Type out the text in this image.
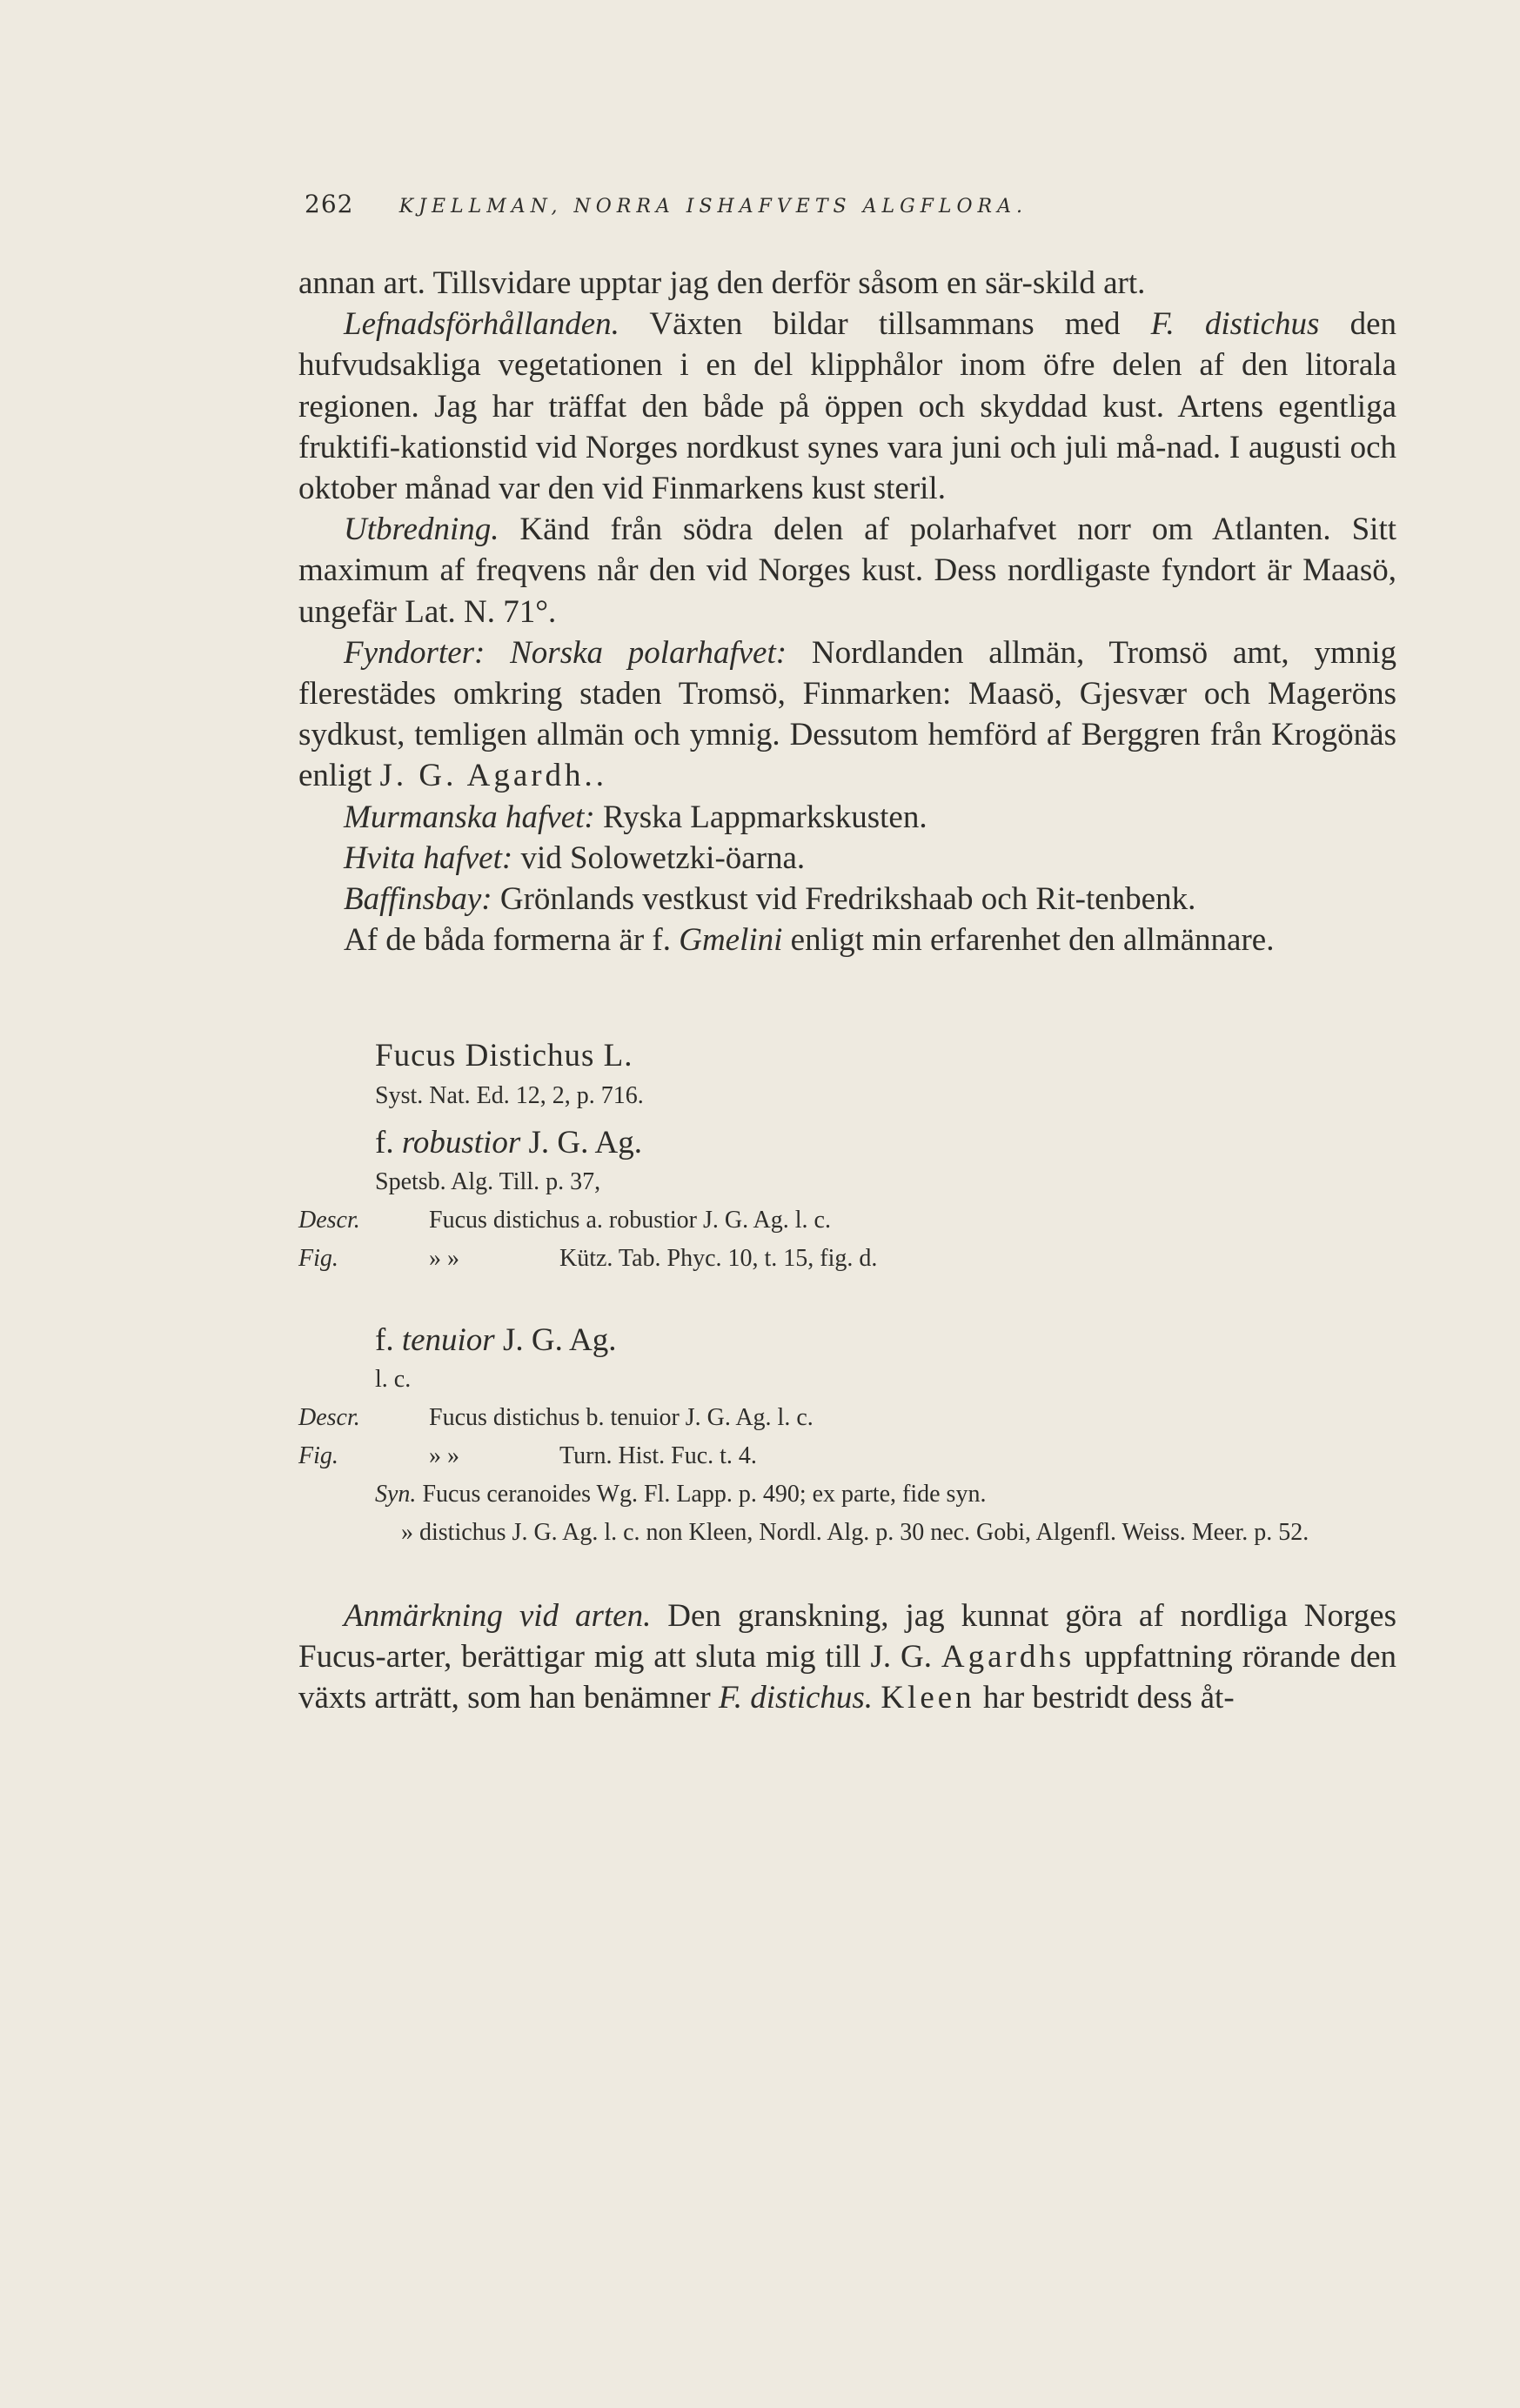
262 KJELLMAN, NORRA ISHAFVETS ALGFLORA.

annan art. Tillsvidare upptar jag den derför såsom en sär-skild art.

Lefnadsförhållanden. Växten bildar tillsammans med F. distichus den hufvudsakliga vegetationen i en del klipphålor inom öfre delen af den litorala regionen. Jag har träffat den både på öppen och skyddad kust. Artens egentliga fruktifi-kationstid vid Norges nordkust synes vara juni och juli må-nad. I augusti och oktober månad var den vid Finmarkens kust steril.

Utbredning. Känd från södra delen af polarhafvet norr om Atlanten. Sitt maximum af freqvens når den vid Norges kust. Dess nordligaste fyndort är Maasö, ungefär Lat. N. 71°.

Fyndorter: Norska polarhafvet: Nordlanden allmän, Tromsö amt, ymnig flerestädes omkring staden Tromsö, Finmarken: Maasö, Gjesvær och Mageröns sydkust, temligen allmän och ymnig. Dessutom hemförd af Berggren från Krogönäs enligt J. G. Agardh..

Murmanska hafvet: Ryska Lappmarkskusten.

Hvita hafvet: vid Solowetzki-öarna.

Baffinsbay: Grönlands vestkust vid Fredrikshaab och Rit-tenbenk.

Af de båda formerna är f. Gmelini enligt min erfarenhet den allmännare.

Fucus Distichus L.
Syst. Nat. Ed. 12, 2, p. 716.
f. robustior J. G. Ag.
Spetsb. Alg. Till. p. 37,
Descr.	Fucus distichus a. robustior J. G. Ag. l. c.
Fig.	» »	Kütz. Tab. Phyc. 10, t. 15, fig. d.
f. tenuior J. G. Ag.
l. c.
Descr.	Fucus distichus b. tenuior J. G. Ag. l. c.
Fig.	» »	Turn. Hist. Fuc. t. 4.
Syn. Fucus ceranoides Wg. Fl. Lapp. p. 490; ex parte, fide syn.
» distichus J. G. Ag. l. c. non Kleen, Nordl. Alg. p. 30 nec. Gobi, Algenfl. Weiss. Meer. p. 52.

Anmärkning vid arten. Den granskning, jag kunnat göra af nordliga Norges Fucus-arter, berättigar mig att sluta mig till J. G. Agardhs uppfattning rörande den växts arträtt, som han benämner F. distichus. Kleen har bestridt dess åt-
